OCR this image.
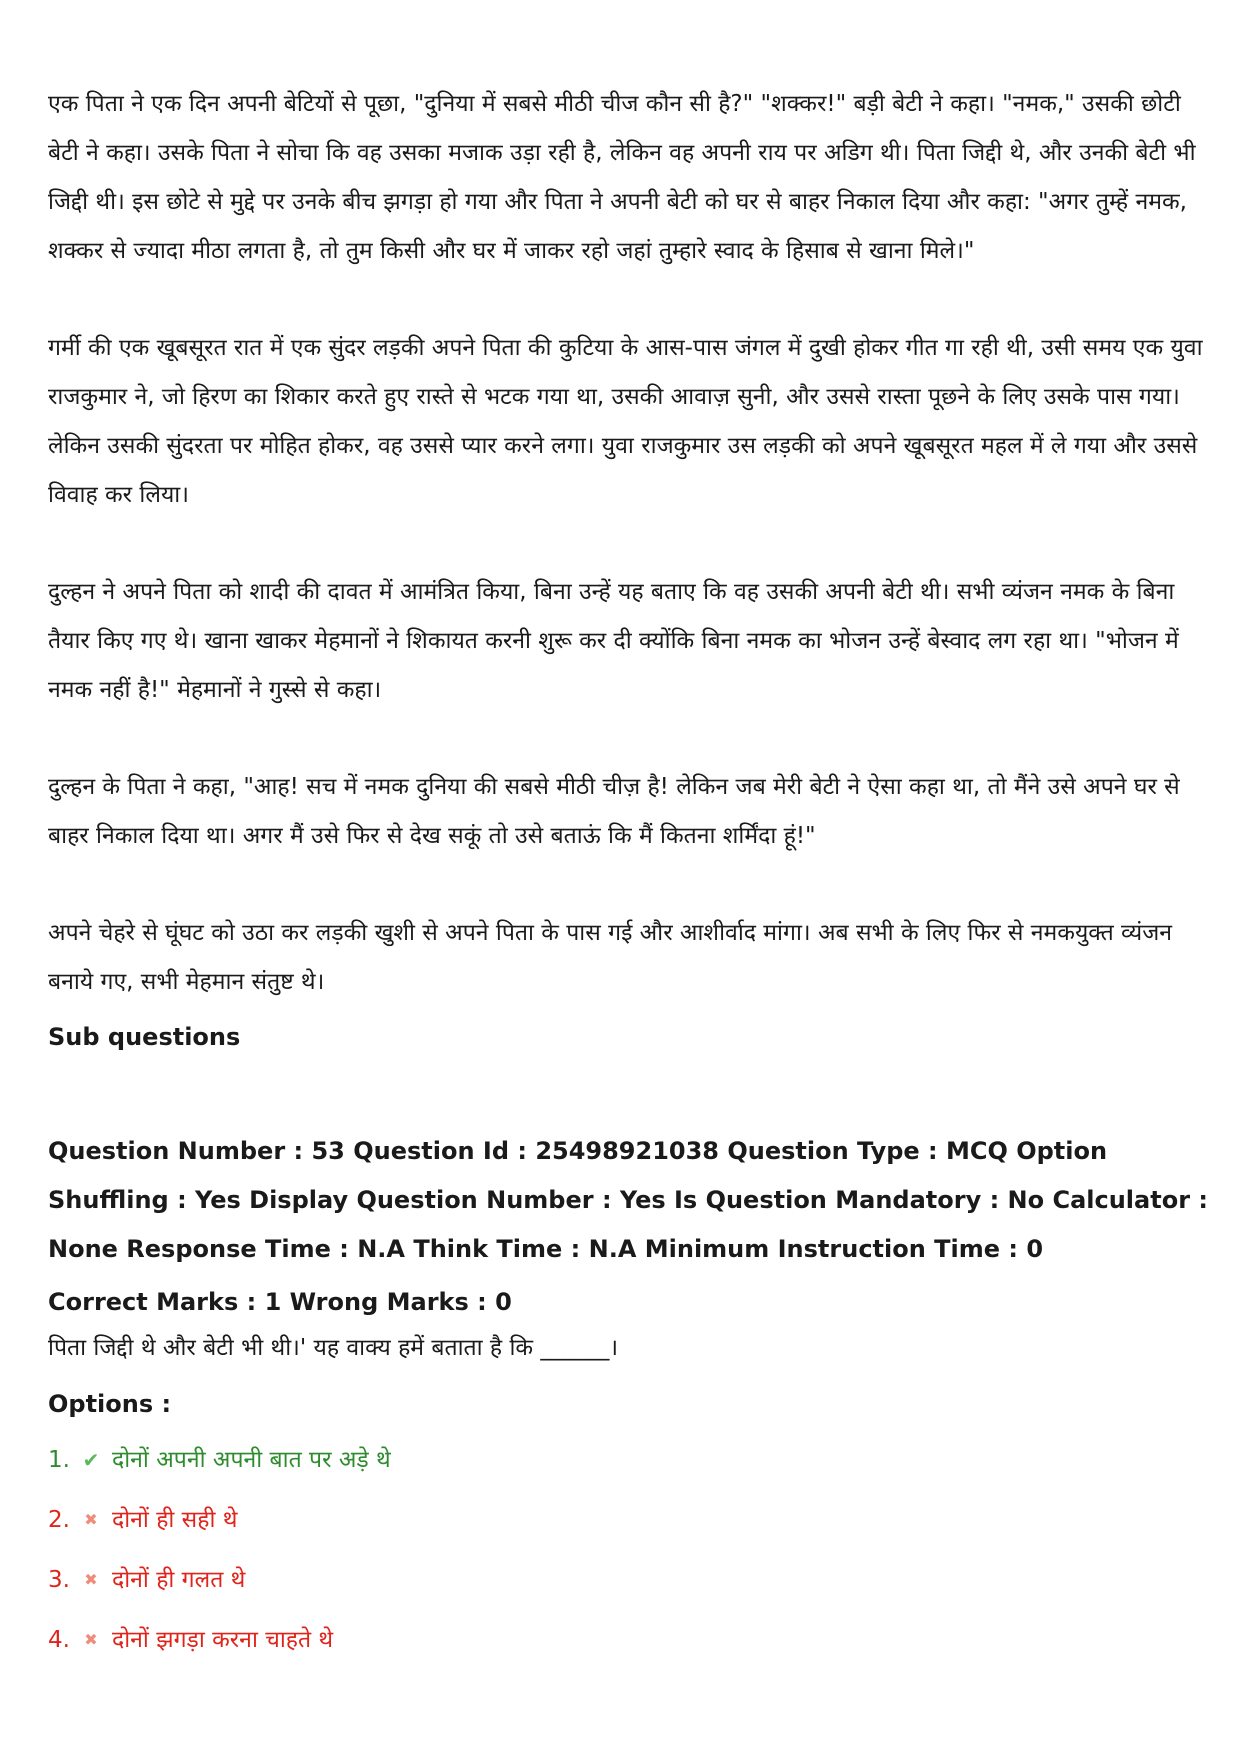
एक पिता ने एक दिन अपनी बेटियों से पूछा, "दुनिया में सबसे मीठी चीज कौन सी है?" "शक्कर!" बड़ी बेटी ने कहा। "नमक," उसकी छोटी बेटी ने कहा। उसके पिता ने सोचा कि वह उसका मजाक उड़ा रही है, लेकिन वह अपनी राय पर अडिग थी। पिता जिद्दी थे, और उनकी बेटी भी जिद्दी थी। इस छोटे से मुद्दे पर उनके बीच झगड़ा हो गया और पिता ने अपनी बेटी को घर से बाहर निकाल दिया और कहा: "अगर तुम्हें नमक, शक्कर से ज्यादा मीठा लगता है, तो तुम किसी और घर में जाकर रहो जहां तुम्हारे स्वाद के हिसाब से खाना मिले।"

गर्मी की एक खूबसूरत रात में एक सुंदर लड़की अपने पिता की कुटिया के आस-पास जंगल में दुखी होकर गीत गा रही थी, उसी समय एक युवा राजकुमार ने, जो हिरण का शिकार करते हुए रास्ते से भटक गया था, उसकी आवाज़ सुनी, और उससे रास्ता पूछने के लिए उसके पास गया। लेकिन उसकी सुंदरता पर मोहित होकर, वह उससे प्यार करने लगा। युवा राजकुमार उस लड़की को अपने खूबसूरत महल में ले गया और उससे विवाह कर लिया।

दुल्हन ने अपने पिता को शादी की दावत में आमंत्रित किया, बिना उन्हें यह बताए कि वह उसकी अपनी बेटी थी। सभी व्यंजन नमक के बिना तैयार किए गए थे। खाना खाकर मेहमानों ने शिकायत करनी शुरू कर दी क्योंकि बिना नमक का भोजन उन्हें बेस्वाद लग रहा था। "भोजन में नमक नहीं है!" मेहमानों ने गुस्से से कहा।

दुल्हन के पिता ने कहा, "आह! सच में नमक दुनिया की सबसे मीठी चीज़ है! लेकिन जब मेरी बेटी ने ऐसा कहा था, तो मैंने उसे अपने घर से बाहर निकाल दिया था। अगर मैं उसे फिर से देख सकूं तो उसे बताऊं कि मैं कितना शर्मिंदा हूं!"

अपने चेहरे से घूंघट को उठा कर लड़की खुशी से अपने पिता के पास गई और आशीर्वाद मांगा। अब सभी के लिए फिर से नमकयुक्त व्यंजन बनाये गए, सभी मेहमान संतुष्ट थे।

Sub questions

Question Number : 53 Question Id : 25498921038 Question Type : MCQ Option Shuffling : Yes Display Question Number : Yes Is Question Mandatory : No Calculator : None Response Time : N.A Think Time : N.A Minimum Instruction Time : 0

Correct Marks : 1 Wrong Marks : 0

पिता जिद्दी थे और बेटी भी थी।' यह वाक्य हमें बताता है कि ______।

Options :

1. ✔ दोनों अपनी अपनी बात पर अड़े थे
2. ✖ दोनों ही सही थे
3. ✖ दोनों ही गलत थे
4. ✖ दोनों झगड़ा करना चाहते थे
